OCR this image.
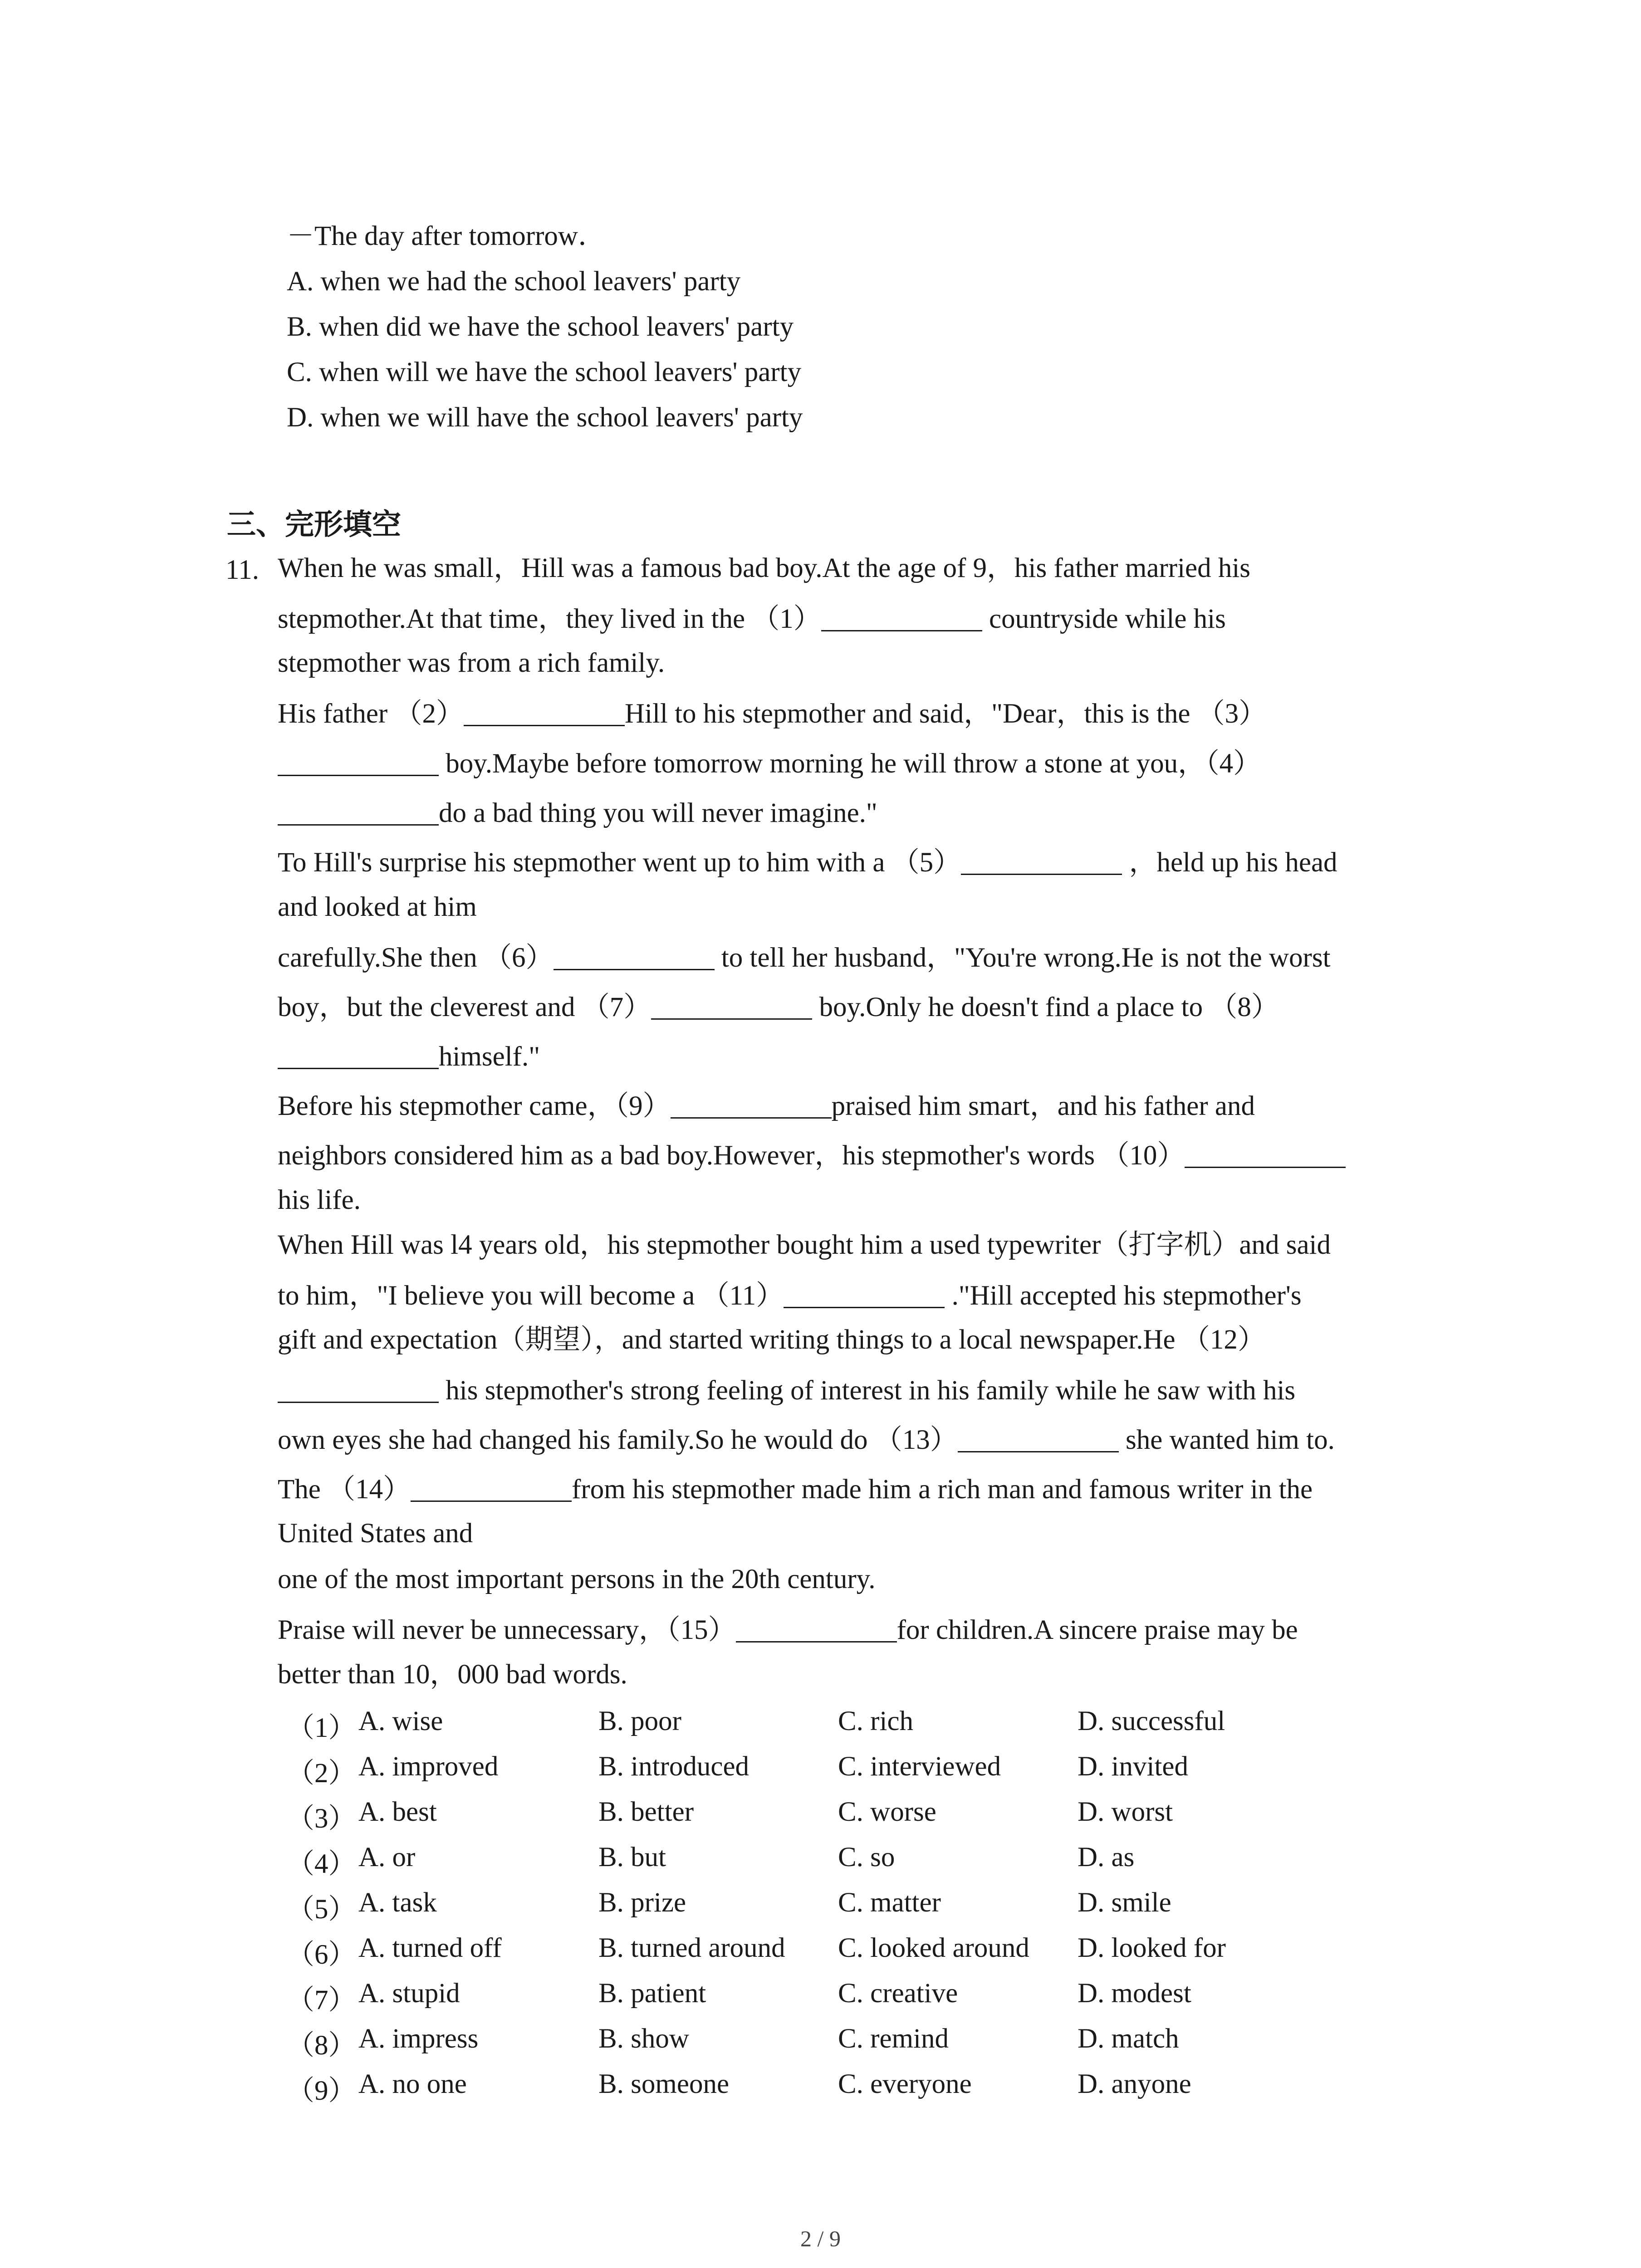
－The day after tomorrow．
A. when we had the school leavers' party
B. when did we have the school leavers' party
C. when will we have the school leavers' party
D. when we will have the school leavers' party
三、完形填空
11. When he was small，Hill was a famous bad boy.At the age of 9，his father married his
stepmother.At that time，they lived in the （1）	countryside while his
stepmother was from a rich family.
His father （2）	Hill to his stepmother and said，"Dear，this is the （3）
boy.Maybe before tomorrow morning he will throw a stone at you，（4）
do a bad thing you will never imagine."
To Hill's surprise his stepmother went up to him with a （5）	，held up his head
and looked at him
carefully.She then （6）	to tell her husband，"You're wrong.He is not the worst
boy，but the cleverest and （7）	boy.Only he doesn't find a place to （8）
himself."
Before his stepmother came，（9）	praised him smart，and his father and
neighbors considered him as a bad boy.However，his stepmother's words （10）
his life.
When Hill was l4 years old，his stepmother bought him a used typewriter（打字机）and said
to him，"I believe you will become a （11）	."Hill accepted his stepmother's
gift and expectation（期望），and started writing things to a local newspaper.He （12）
his stepmother's strong feeling of interest in his family while he saw with his
own eyes she had changed his family.So he would do （13）	she wanted him to.
The （14）	from his stepmother made him a rich man and famous writer in the
United States and
one of the most important persons in the 20th century.
Praise will never be unnecessary，（15）	for children.A sincere praise may be
better than 10，000 bad words.
（1） A. wise	B. poor	C. rich	D. successful
（2） A. improved	B. introduced	C. interviewed	D. invited
（3） A. best	B. better	C. worse	D. worst
（4） A. or	B. but	C. so	D. as
（5） A. task	B. prize	C. matter	D. smile
（6） A. turned off	B. turned around C. looked around D. looked for
（7） A. stupid	B. patient	C. creative	D. modest
（8） A. impress	B. show	C. remind	D. match
（9） A. no one	B. someone	C. everyone	D. anyone
2 / 9
